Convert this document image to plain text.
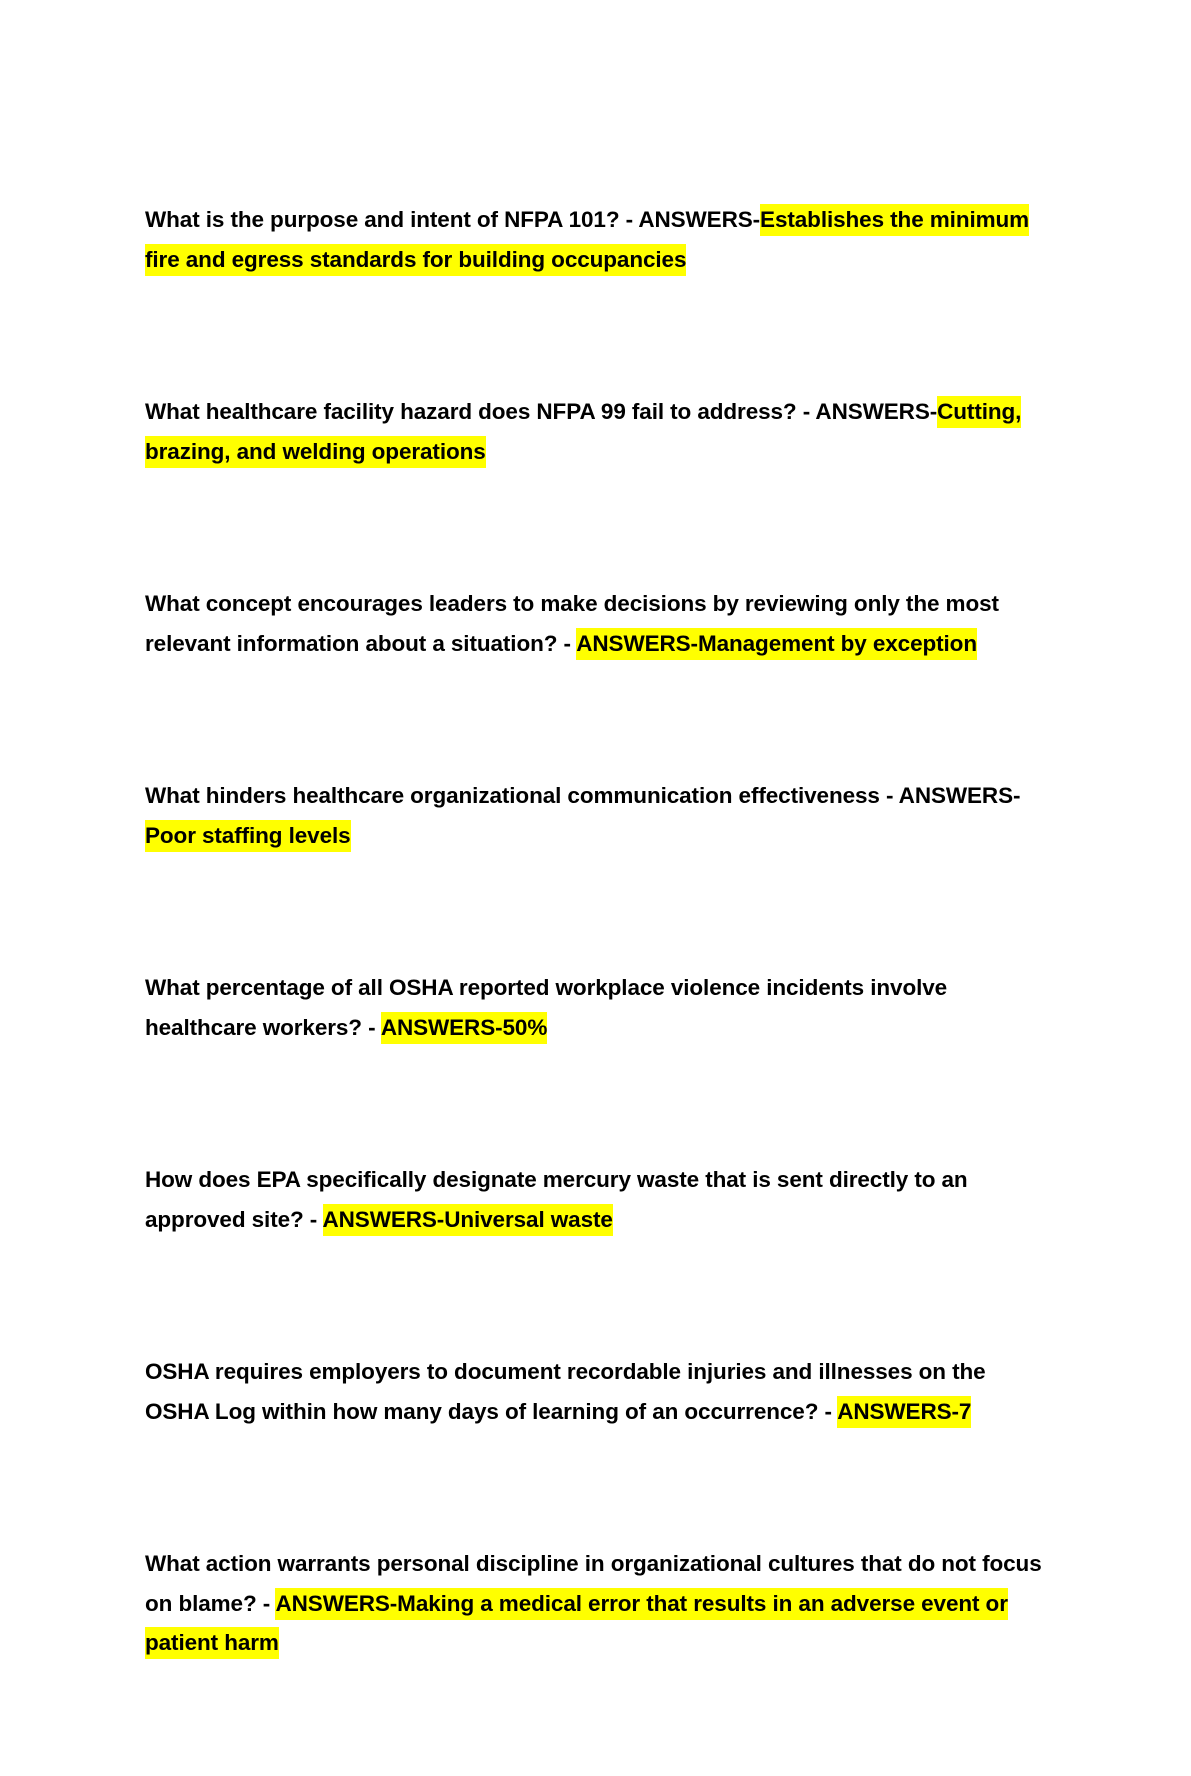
What is the purpose and intent of NFPA 101? - ANSWERS-Establishes the minimum fire and egress standards for building occupancies

What healthcare facility hazard does NFPA 99 fail to address? - ANSWERS-Cutting, brazing, and welding operations

What concept encourages leaders to make decisions by reviewing only the most relevant information about a situation? - ANSWERS-Management by exception

What hinders healthcare organizational communication effectiveness - ANSWERS-Poor staffing levels

What percentage of all OSHA reported workplace violence incidents involve healthcare workers? - ANSWERS-50%

How does EPA specifically designate mercury waste that is sent directly to an approved site? - ANSWERS-Universal waste

OSHA requires employers to document recordable injuries and illnesses on the OSHA Log within how many days of learning of an occurrence? - ANSWERS-7

What action warrants personal discipline in organizational cultures that do not focus on blame? - ANSWERS-Making a medical error that results in an adverse event or patient harm
